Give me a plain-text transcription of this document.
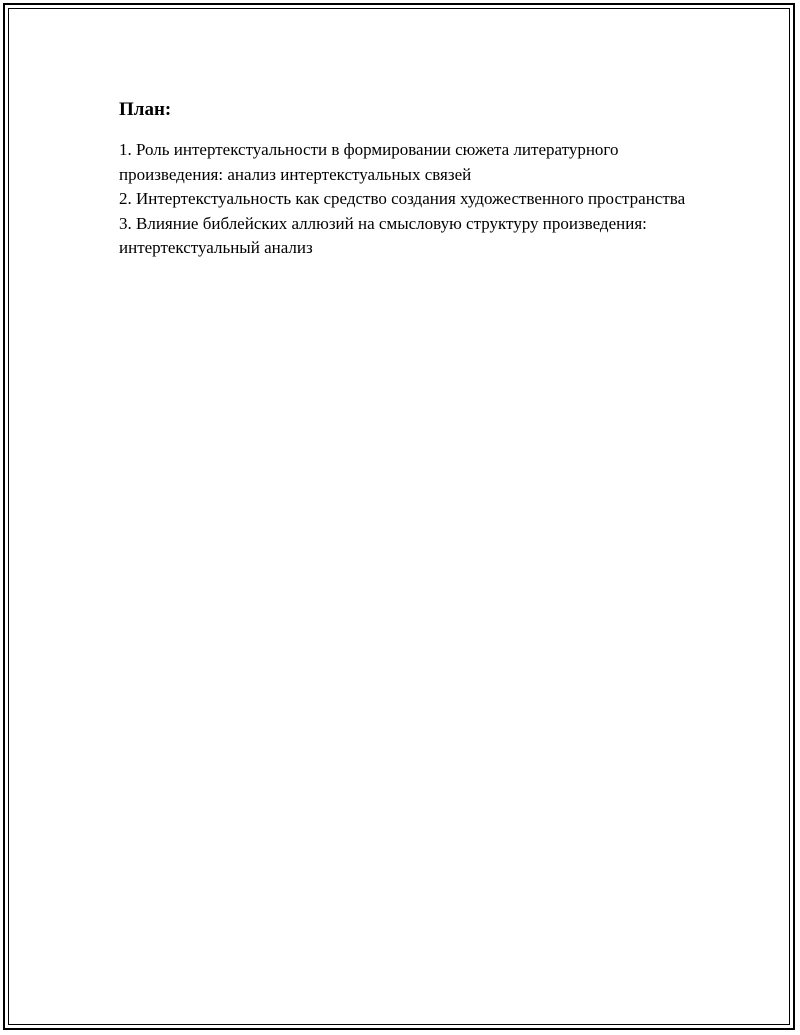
План:
1. Роль интертекстуальности в формировании сюжета литературного произведения: анализ интертекстуальных связей
2. Интертекстуальность как средство создания художественного пространства
3. Влияние библейских аллюзий на смысловую структуру произведения: интертекстуальный анализ
